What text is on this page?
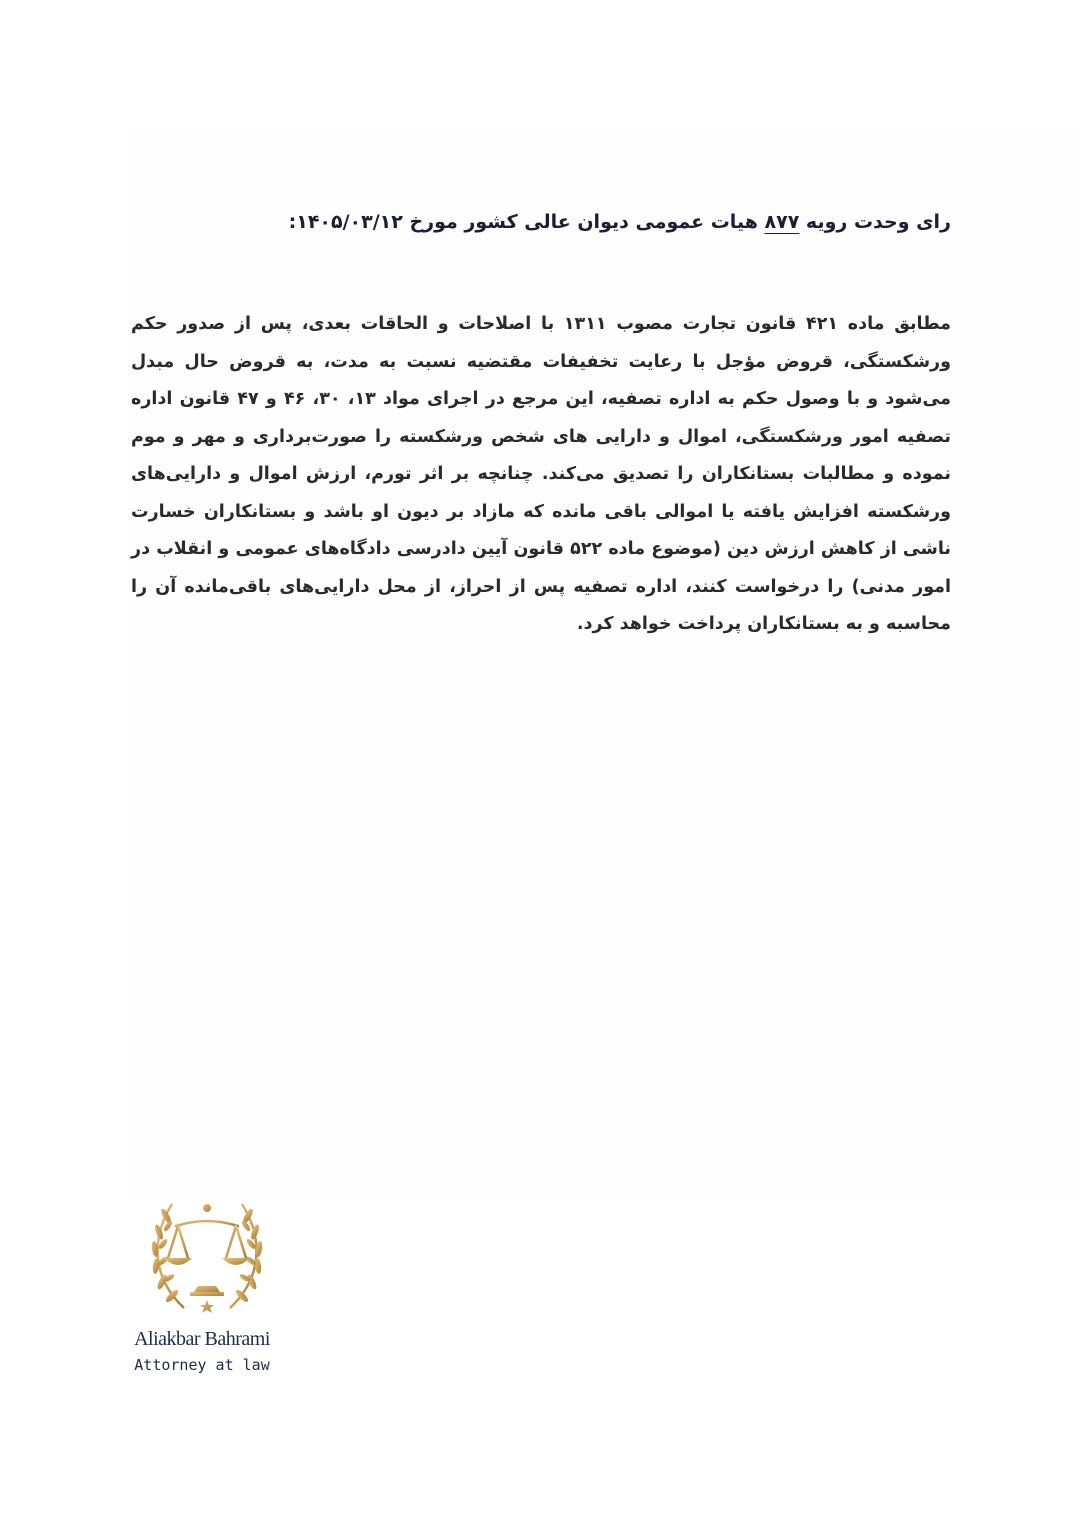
رای وحدت رویه ۸۷۷ هیات عمومی دیوان عالی کشور مورخ ۱۴۰۵/۰۳/۱۲:

مطابق ماده ۴۲۱ قانون تجارت مصوب ۱۳۱۱ با اصلاحات و الحاقات بعدی، پس از صدور حکم ورشکستگی، قروض مؤجل با رعایت تخفیفات مقتضیه نسبت به مدت، به قروض حال مبدل می‌شود و با وصول حکم به اداره تصفیه، این مرجع در اجرای مواد ۱۳، ۳۰، ۴۶ و ۴۷ قانون اداره تصفیه امور ورشکستگی، اموال و دارایی های شخص ورشکسته را صورت‌برداری و مهر و موم نموده و مطالبات بستانکاران را تصدیق می‌کند. چنانچه بر اثر تورم، ارزش اموال و دارایی‌های ورشکسته افزایش یافته یا اموالی باقی مانده که مازاد بر دیون او باشد و بستانکاران خسارت ناشی از کاهش ارزش دین (موضوع ماده ۵۲۲ قانون آیین دادرسی دادگاه‌های عمومی و انقلاب در امور مدنی) را درخواست کنند، اداره تصفیه پس از احراز، از محل دارایی‌های باقی‌مانده آن را محاسبه و به بستانکاران پرداخت خواهد کرد.

Aliakbar Bahrami
Attorney at law
